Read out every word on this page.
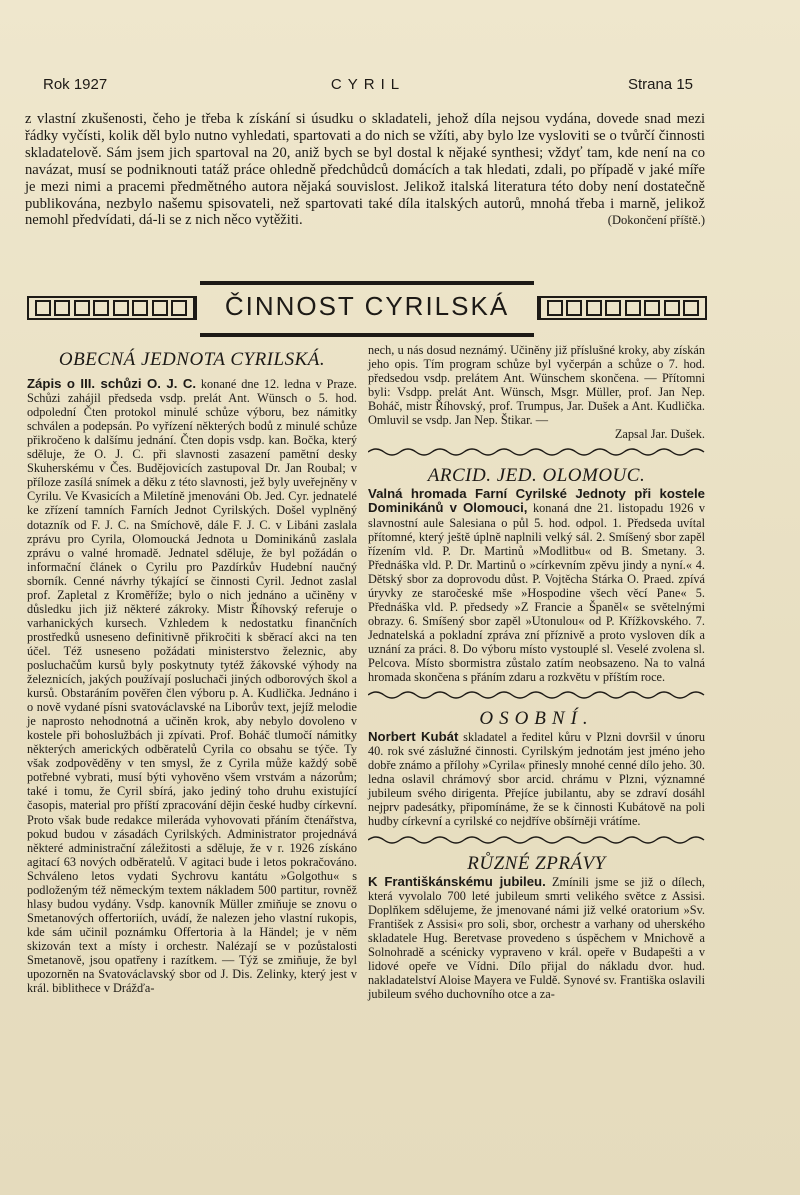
Rok 1927	CYRIL	Strana 15

z vlastní zkušenosti, čeho je třeba k získání si úsudku o skladateli, jehož díla nejsou vydána, dovede snad mezi řádky vyčísti, kolik děl bylo nutno vyhledati, spartovati a do nich se vžíti, aby bylo lze vysloviti se o tvůrčí činnosti skladatelově. Sám jsem jich spartoval na 20, aniž bych se byl dostal k nějaké synthesi; vždyť tam, kde není na co navázat, musí se podniknouti tatáž práce ohledně předchůdců domácích a tak hledati, zdali, po případě v jaké míře je mezi nimi a pracemi předmětného autora nějaká souvislost. Jelikož italská literatura této doby není dostatečně publikována, nezbylo našemu spisovateli, než spartovati také díla italských autorů, mnohá třeba i marně, jelikož nemohl předvídati, dá-li se z nich něco vytěžiti.	(Dokončení příště.)

ČINNOST CYRILSKÁ
OBECNÁ JEDNOTA CYRILSKÁ.

Zápis o III. schůzi O. J. C. konané dne 12. ledna v Praze. Schůzi zahájil předseda vsdp. prelát Ant. Wünsch o 5. hod. odpolední Čten protokol minulé schůze výboru, bez námitky schválen a podepsán. Po vyřízení některých bodů z minulé schůze přikročeno k dalšímu jednání. Čten dopis vsdp. kan. Bočka, který sděluje, že O. J. C. při slavnosti zasazení pamětní desky Skuherskému v Čes. Budějovicích zastupoval Dr. Jan Roubal; v příloze zasílá snímek a děku z této slavnosti, jež byly uveřejněny v Cyrilu. Ve Kvasicích a Miletíně jmenováni Ob. Jed. Cyr. jednatelé ke zřízení tamních Farních Jednot Cyrilských. Došel vyplněný dotazník od F. J. C. na Smíchově, dále F. J. C. v Libáni zaslala zprávu pro Cyrila, Olomoucká Jednota u Dominikánů zaslala zprávu o valné hromadě. Jednatel sděluje, že byl požádán o informační článek o Cyrilu pro Pazdírkův Hudební naučný sborník. Cenné návrhy týkající se činnosti Cyril. Jednot zaslal prof. Zapletal z Kroměříže; bylo o nich jednáno a učiněny v důsledku jich již některé zákroky. Mistr Říhovský referuje o varhanických kursech. Vzhledem k nedostatku finančních prostředků usneseno definitivně přikročiti k sběrací akci na ten účel. Též usneseno požádati ministerstvo železnic, aby posluchačům kursů byly poskytnuty tytéž žákovské výhody na železnicích, jakých používají posluchači jiných odborových škol a kursů. Obstaráním pověřen člen výboru p. A. Kudlička. Jednáno i o nově vydané písni svatováclavské na Liborův text, jejíž melodie je naprosto nehodnotná a učiněn krok, aby nebylo dovoleno v kostele při bohoslužbách ji zpívati. Prof. Boháč tlumočí námitky některých amerických odběratelů Cyrila co obsahu se týče. Ty však zodpověděny v ten smysl, že z Cyrila může každý sobě potřebné vybrati, musí býti vyhověno všem vrstvám a názorům; také i tomu, že Cyril sbírá, jako jediný toho druhu existující časopis, material pro příští zpracování dějin české hudby církevní. Proto však bude redakce mileráda vyhovovati přáním čtenářstva, pokud budou v zásadách Cyrilských. Administrator projednává některé administrační záležitosti a sděluje, že v r. 1926 získáno agitací 63 nových odběratelů. V agitaci bude i letos pokračováno. Schváleno letos vydati Sychrovu kantátu »Golgothu« s podloženým též německým textem nákladem 500 partitur, rovněž hlasy budou vydány. Vsdp. kanovník Müller zmiňuje se znovu o Smetanových offertoriích, uvádí, že nalezen jeho vlastní rukopis, kde sám učinil poznámku Offertoria à la Händel; je v něm skizován text a místy i orchestr. Nalézají se v pozůstalosti Smetanově, jsou opatřeny i razítkem. — Týž se zmiňuje, že byl upozorněn na Svatováclavský sbor od J. Dis. Zelinky, který jest v král. biblithece v Drážďa-

nech, u nás dosud neznámý. Učiněny již příslušné kroky, aby získán jeho opis. Tím program schůze byl vyčerpán a schůze o 7. hod. předsedou vsdp. prelátem Ant. Wünschem skončena. — Přítomni byli: Vsdpp. prelát Ant. Wünsch, Msgr. Müller, prof. Jan Nep. Boháč, mistr Říhovský, prof. Trumpus, Jar. Dušek a Ant. Kudlička. Omluvil se vsdp. Jan Nep. Štikar. —

Zapsal Jar. Dušek.

ARCID. JED. OLOMOUC.

Valná hromada Farní Cyrilské Jednoty při kostele Dominikánů v Olomouci, konaná dne 21. listopadu 1926 v slavnostní aule Salesiana o půl 5. hod. odpol. 1. Předseda uvítal přítomné, který ještě úplně naplnili velký sál. 2. Smíšený sbor zapěl řízením vld. P. Dr. Martinů »Modlitbu« od B. Smetany. 3. Přednáška vld. P. Dr. Martinů o »církevním zpěvu jindy a nyní.« 4. Dětský sbor za doprovodu důst. P. Vojtěcha Stárka O. Praed. zpívá úryvky ze staročeské mše »Hospodine všech věcí Pane« 5. Přednáška vld. P. předsedy »Z Francie a Španěl« se světelnými obrazy. 6. Smíšený sbor zapěl »Utonulou« od P. Křížkovského. 7. Jednatelská a pokladní zpráva zní příznivě a proto vysloven dík a uznání za práci. 8. Do výboru místo vystouplé sl. Veselé zvolena sl. Pelcova. Místo sbormistra zůstalo zatím neobsazeno. Na to valná hromada skončena s přáním zdaru a rozkvětu v příštím roce.

OSOBNÍ.

Norbert Kubát skladatel a ředitel kůru v Plzni dovršil v únoru 40. rok své záslužné činnosti. Cyrilským jednotám jest jméno jeho dobře známo a přílohy »Cyrila« přinesly mnohé cenné dílo jeho. 30. ledna oslavil chrámový sbor arcid. chrámu v Plzni, významné jubileum svého dirigenta. Přejíce jubilantu, aby se zdraví dosáhl nejprv padesátky, připomínáme, že se k činnosti Kubátově na poli hudby církevní a cyrilské co nejdříve obšírněji vrátíme.

RŮZNÉ ZPRÁVY

K Františkánskému jubileu. Zmínili jsme se již o dílech, která vyvolalo 700 leté jubileum smrti velikého světce z Assisi. Doplňkem sdělujeme, že jmenované námi již velké oratorium »Sv. František z Assisi« pro soli, sbor, orchestr a varhany od uherského skladatele Hug. Beretvase provedeno s úspěchem v Mnichově a Solnohradě a scénicky vypraveno v král. opeře v Budapešti a v lidové opeře ve Vídni. Dílo přijal do nákladu dvor. hud. nakladatelství Aloise Mayera ve Fuldě. Synové sv. Františka oslavili jubileum svého duchovního otce a za-
